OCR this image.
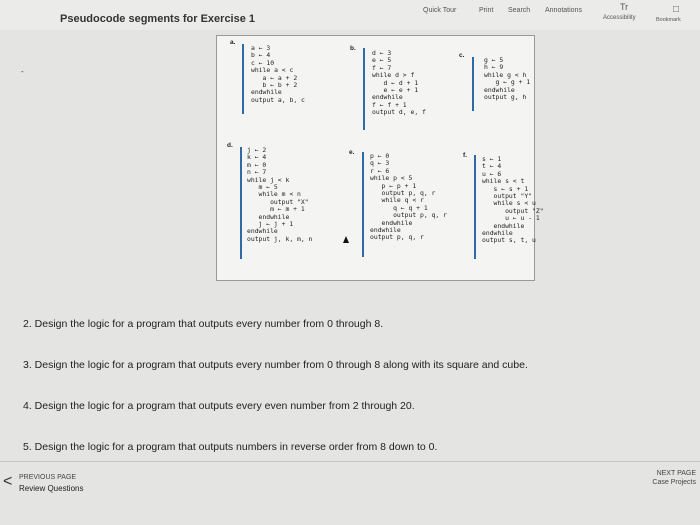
Pseudocode segments for Exercise 1
Quick Tour	Print Search Annotations
Accessibility
Tr
Bookmark
□
a.
a ← 3
b ← 4
c ← 10
while a < c
a ← a + 2
b ← b + 2
endwhile
output a, b, c
b.
d ← 3
e ← 5
f ← 7
while d > f
d ← d + 1
e ← e + 1
endwhile
f ← f + 1
output d, e, f
c.
g ← 5
h ← 9
while g < h
g ← g + 1
endwhile
output g, h
d.
j ← 2
k ← 4
m ← 0
n ← 7
while j < k
m ← 5
while m < n
output "X"
m ← m + 1
endwhile
j ← j + 1
endwhile
output j, k, m, n
e. p ← 0
q ← 3
r ← 6
while p < 5
p ← p + 1
output p, q, r
while q < r
q ← q + 1
output p, q, r
endwhile
endwhile
output p, q, r
f. s ← 1
t ← 4
u ← 6
while s < t
s ← s + 1
output "Y"
while s < u
output "Z"
u ← u - 1
endwhile
endwhile
output s, t, u
-
2. Design the logic for a program that outputs every number from 0 through 8.
3. Design the logic for a program that outputs every number from 0 through 8 along with its square and cube.
4. Design the logic for a program that outputs every even number from 2 through 20.
5. Design the logic for a program that outputs numbers in reverse order from 8 down to 0.
< PREVIOUS PAGE
Review Questions
NEXT PAGE
Case Projects
